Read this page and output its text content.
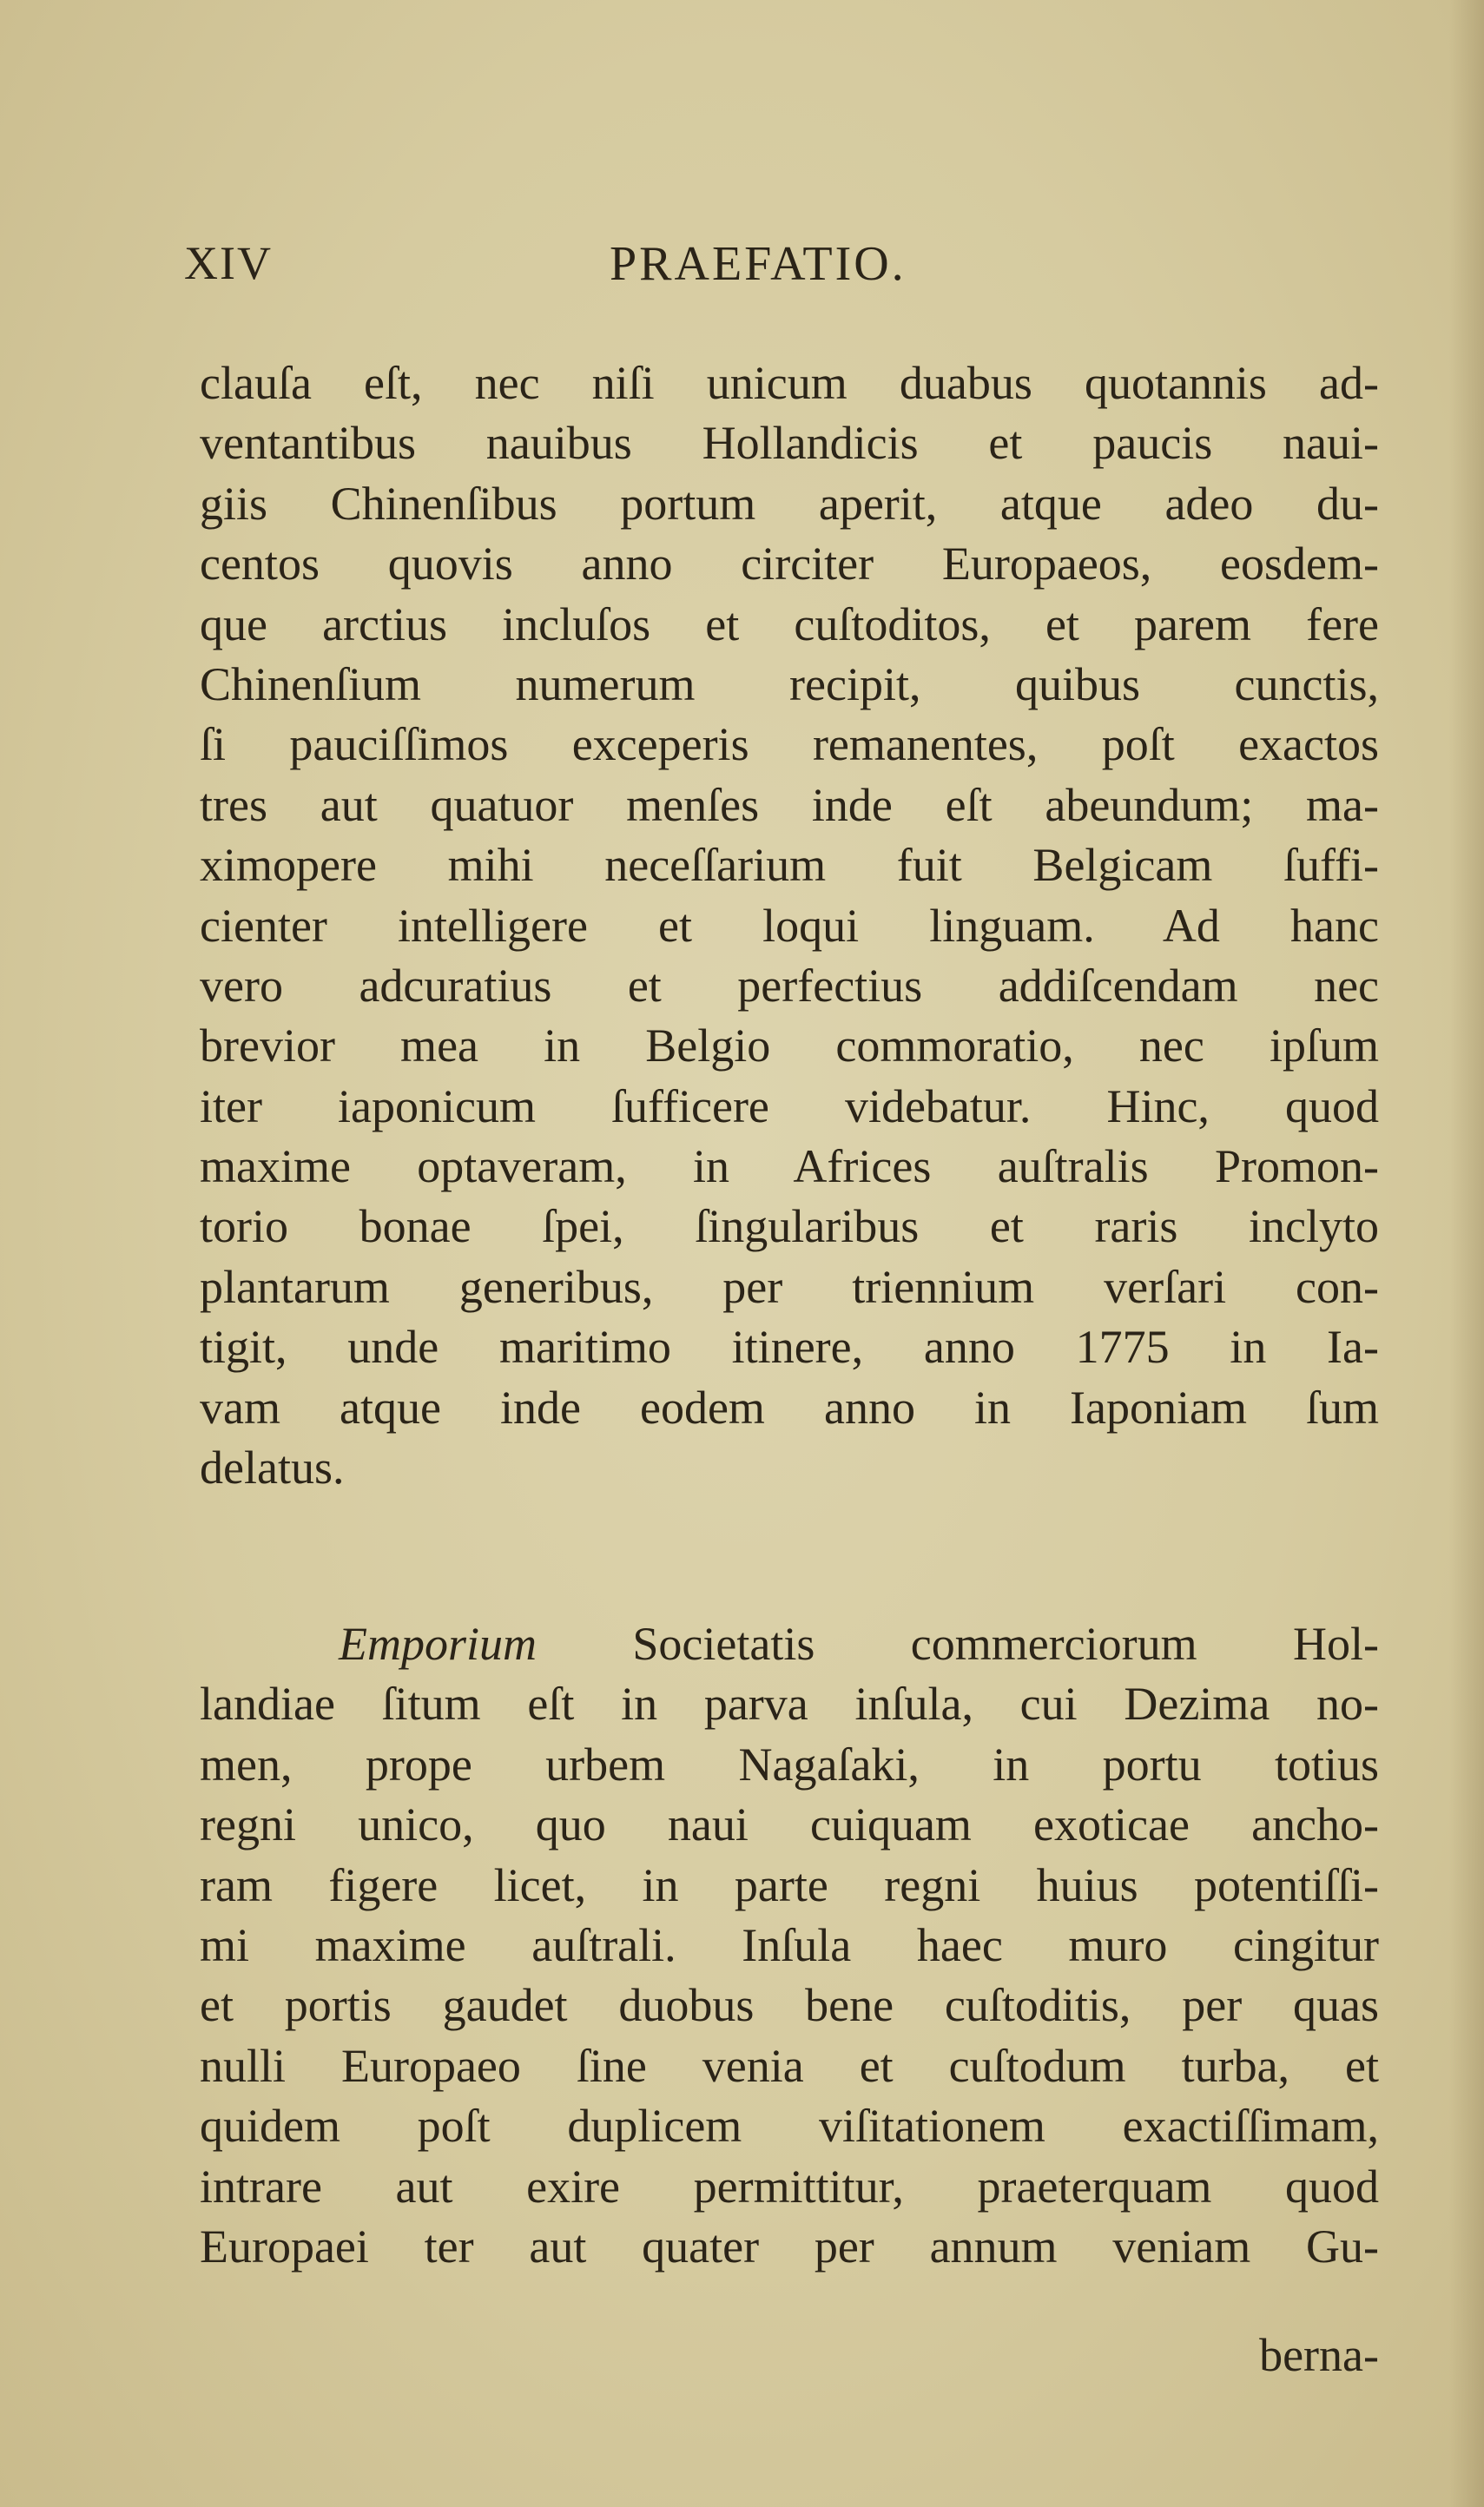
XIV	PRAEFATIO.
clauſa eſt, nec niſi unicum duabus quotannis ad-
ventantibus nauibus Hollandicis et paucis naui-
giis Chinenſibus portum aperit, atque adeo du-
centos quovis anno circiter Europaeos, eosdem-
que arctius incluſos et cuſtoditos, et parem fere
Chinenſium numerum recipit, quibus cunctis,
ſi pauciſſimos exceperis remanentes, poſt exactos
tres aut quatuor menſes inde eſt abeundum; ma-
ximopere mihi neceſſarium fuit Belgicam ſuffi-
cienter intelligere et loqui linguam. Ad hanc
vero adcuratius et perfectius addiſcendam nec
brevior mea in Belgio commoratio, nec ipſum
iter iaponicum ſufficere videbatur. Hinc, quod
maxime optaveram, in Africes auſtralis Promon-
torio bonae ſpei, ſingularibus et raris inclyto
plantarum generibus, per triennium verſari con-
tigit, unde maritimo itinere, anno 1775 in Ia-
vam atque inde eodem anno in Iaponiam ſum
delatus.
Emporium Societatis commerciorum Hol-
landiae ſitum eſt in parva inſula, cui Dezima no-
men, prope urbem Nagaſaki, in portu totius
regni unico, quo naui cuiquam exoticae ancho-
ram figere licet, in parte regni huius potentiſſi-
mi maxime auſtrali. Inſula haec muro cingitur
et portis gaudet duobus bene cuſtoditis, per quas
nulli Europaeo ſine venia et cuſtodum turba, et
quidem poſt duplicem viſitationem exactiſſimam,
intrare aut exire permittitur, praeterquam quod
Europaei ter aut quater per annum veniam Gu-
berna-
